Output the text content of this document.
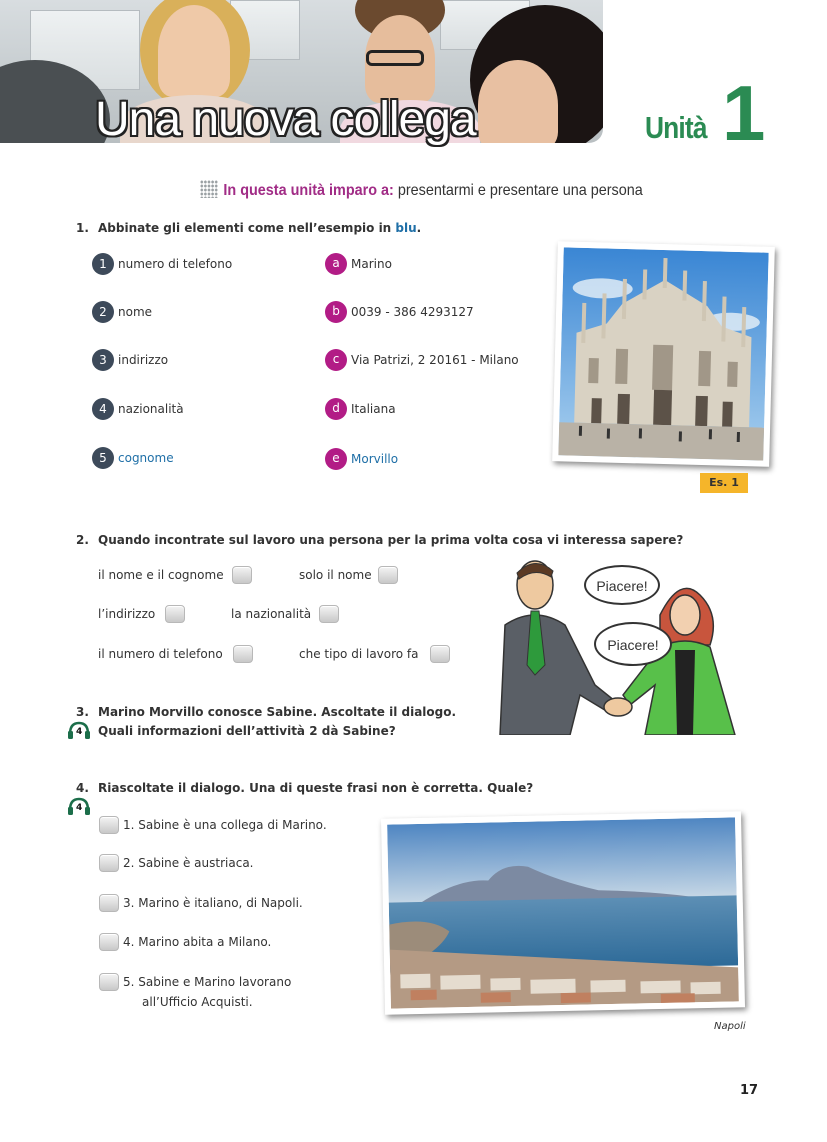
Una nuova collega	Unità 1
In questa unità imparo a: presentarmi e presentare una persona
1. Abbinate gli elementi come nell’esempio in blu.
1 numero di telefono
2 nome
3 indirizzo
4 nazionalità
5 cognome
a Marino
b 0039 - 386 4293127
c Via Patrizi, 2 20161 - Milano
d Italiana
e Morvillo
Es. 1
2. Quando incontrate sul lavoro una persona per la prima volta cosa vi interessa sapere?
il nome e il cognome	solo il nome
l’indirizzo	la nazionalità
il numero di telefono	che tipo di lavoro fa
Piacere!
Piacere!
3. Marino Morvillo conosce Sabine. Ascoltate il dialogo.
Quali informazioni dell’attività 2 dà Sabine?
4
4. Riascoltate il dialogo. Una di queste frasi non è corretta. Quale?
4
1. Sabine è una collega di Marino.
2. Sabine è austriaca.
3. Marino è italiano, di Napoli.
4. Marino abita a Milano.
5. Sabine e Marino lavorano
all’Ufficio Acquisti.
Napoli
17
